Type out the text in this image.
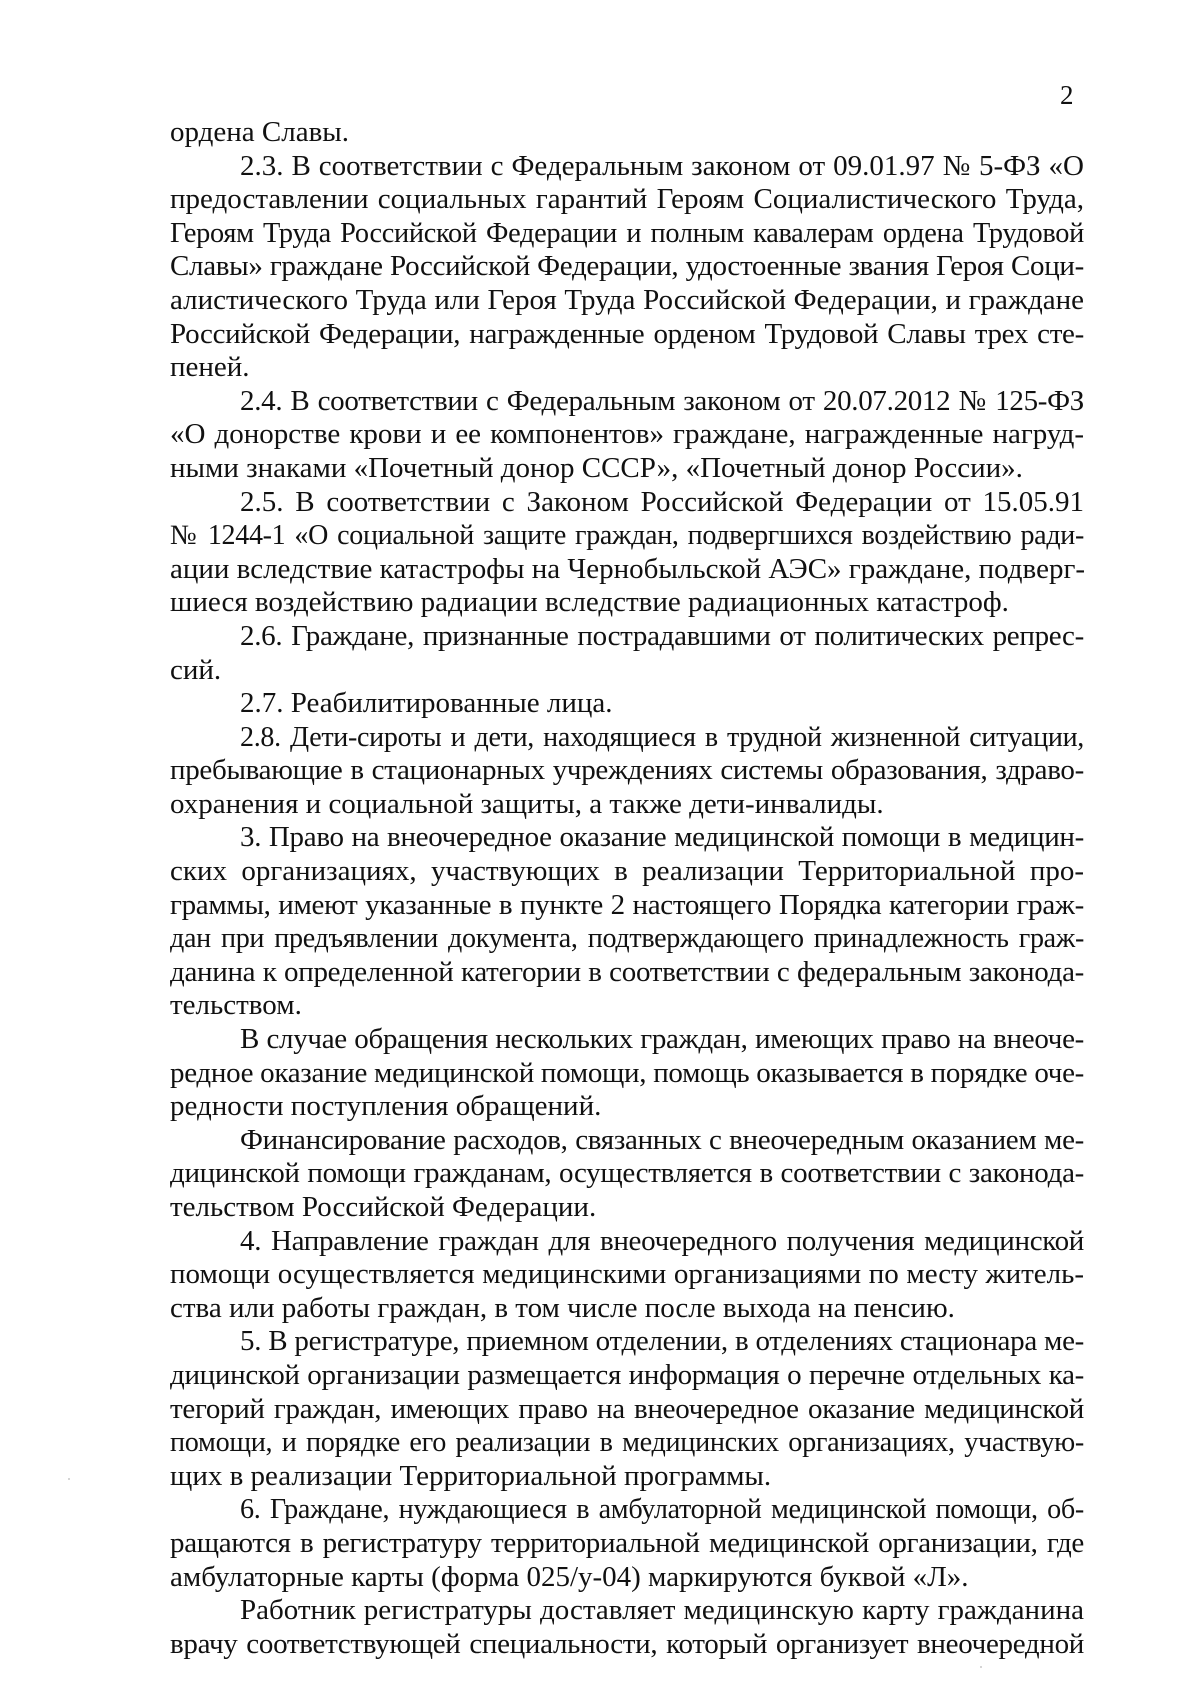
2
ордена Славы.
2.3. В соответствии с Федеральным законом от 09.01.97 № 5-ФЗ «О
предоставлении социальных гарантий Героям Социалистического Труда,
Героям Труда Российской Федерации и полным кавалерам ордена Трудовой
Славы» граждане Российской Федерации, удостоенные звания Героя Соци-
алистического Труда или Героя Труда Российской Федерации, и граждане
Российской Федерации, награжденные орденом Трудовой Славы трех сте-
пеней.
2.4. В соответствии с Федеральным законом от 20.07.2012 № 125-ФЗ
«О донорстве крови и ее компонентов» граждане, награжденные нагруд-
ными знаками «Почетный донор СССР», «Почетный донор России».
2.5. В соответствии с Законом Российской Федерации от 15.05.91
№ 1244-1 «О социальной защите граждан, подвергшихся воздействию ради-
ации вследствие катастрофы на Чернобыльской АЭС» граждане, подверг-
шиеся воздействию радиации вследствие радиационных катастроф.
2.6. Граждане, признанные пострадавшими от политических репрес-
сий.
2.7. Реабилитированные лица.
2.8. Дети-сироты и дети, находящиеся в трудной жизненной ситуации,
пребывающие в стационарных учреждениях системы образования, здраво-
охранения и социальной защиты, а также дети-инвалиды.
3. Право на внеочередное оказание медицинской помощи в медицин-
ских организациях, участвующих в реализации Территориальной про-
граммы, имеют указанные в пункте 2 настоящего Порядка категории граж-
дан при предъявлении документа, подтверждающего принадлежность граж-
данина к определенной категории в соответствии с федеральным законода-
тельством.
В случае обращения нескольких граждан, имеющих право на внеоче-
редное оказание медицинской помощи, помощь оказывается в порядке оче-
редности поступления обращений.
Финансирование расходов, связанных с внеочередным оказанием ме-
дицинской помощи гражданам, осуществляется в соответствии с законода-
тельством Российской Федерации.
4. Направление граждан для внеочередного получения медицинской
помощи осуществляется медицинскими организациями по месту житель-
ства или работы граждан, в том числе после выхода на пенсию.
5. В регистратуре, приемном отделении, в отделениях стационара ме-
дицинской организации размещается информация о перечне отдельных ка-
тегорий граждан, имеющих право на внеочередное оказание медицинской
помощи, и порядке его реализации в медицинских организациях, участвую-
щих в реализации Территориальной программы.
6. Граждане, нуждающиеся в амбулаторной медицинской помощи, об-
ращаются в регистратуру территориальной медицинской организации, где
амбулаторные карты (форма 025/у-04) маркируются буквой «Л».
Работник регистратуры доставляет медицинскую карту гражданина
врачу соответствующей специальности, который организует внеочередной
